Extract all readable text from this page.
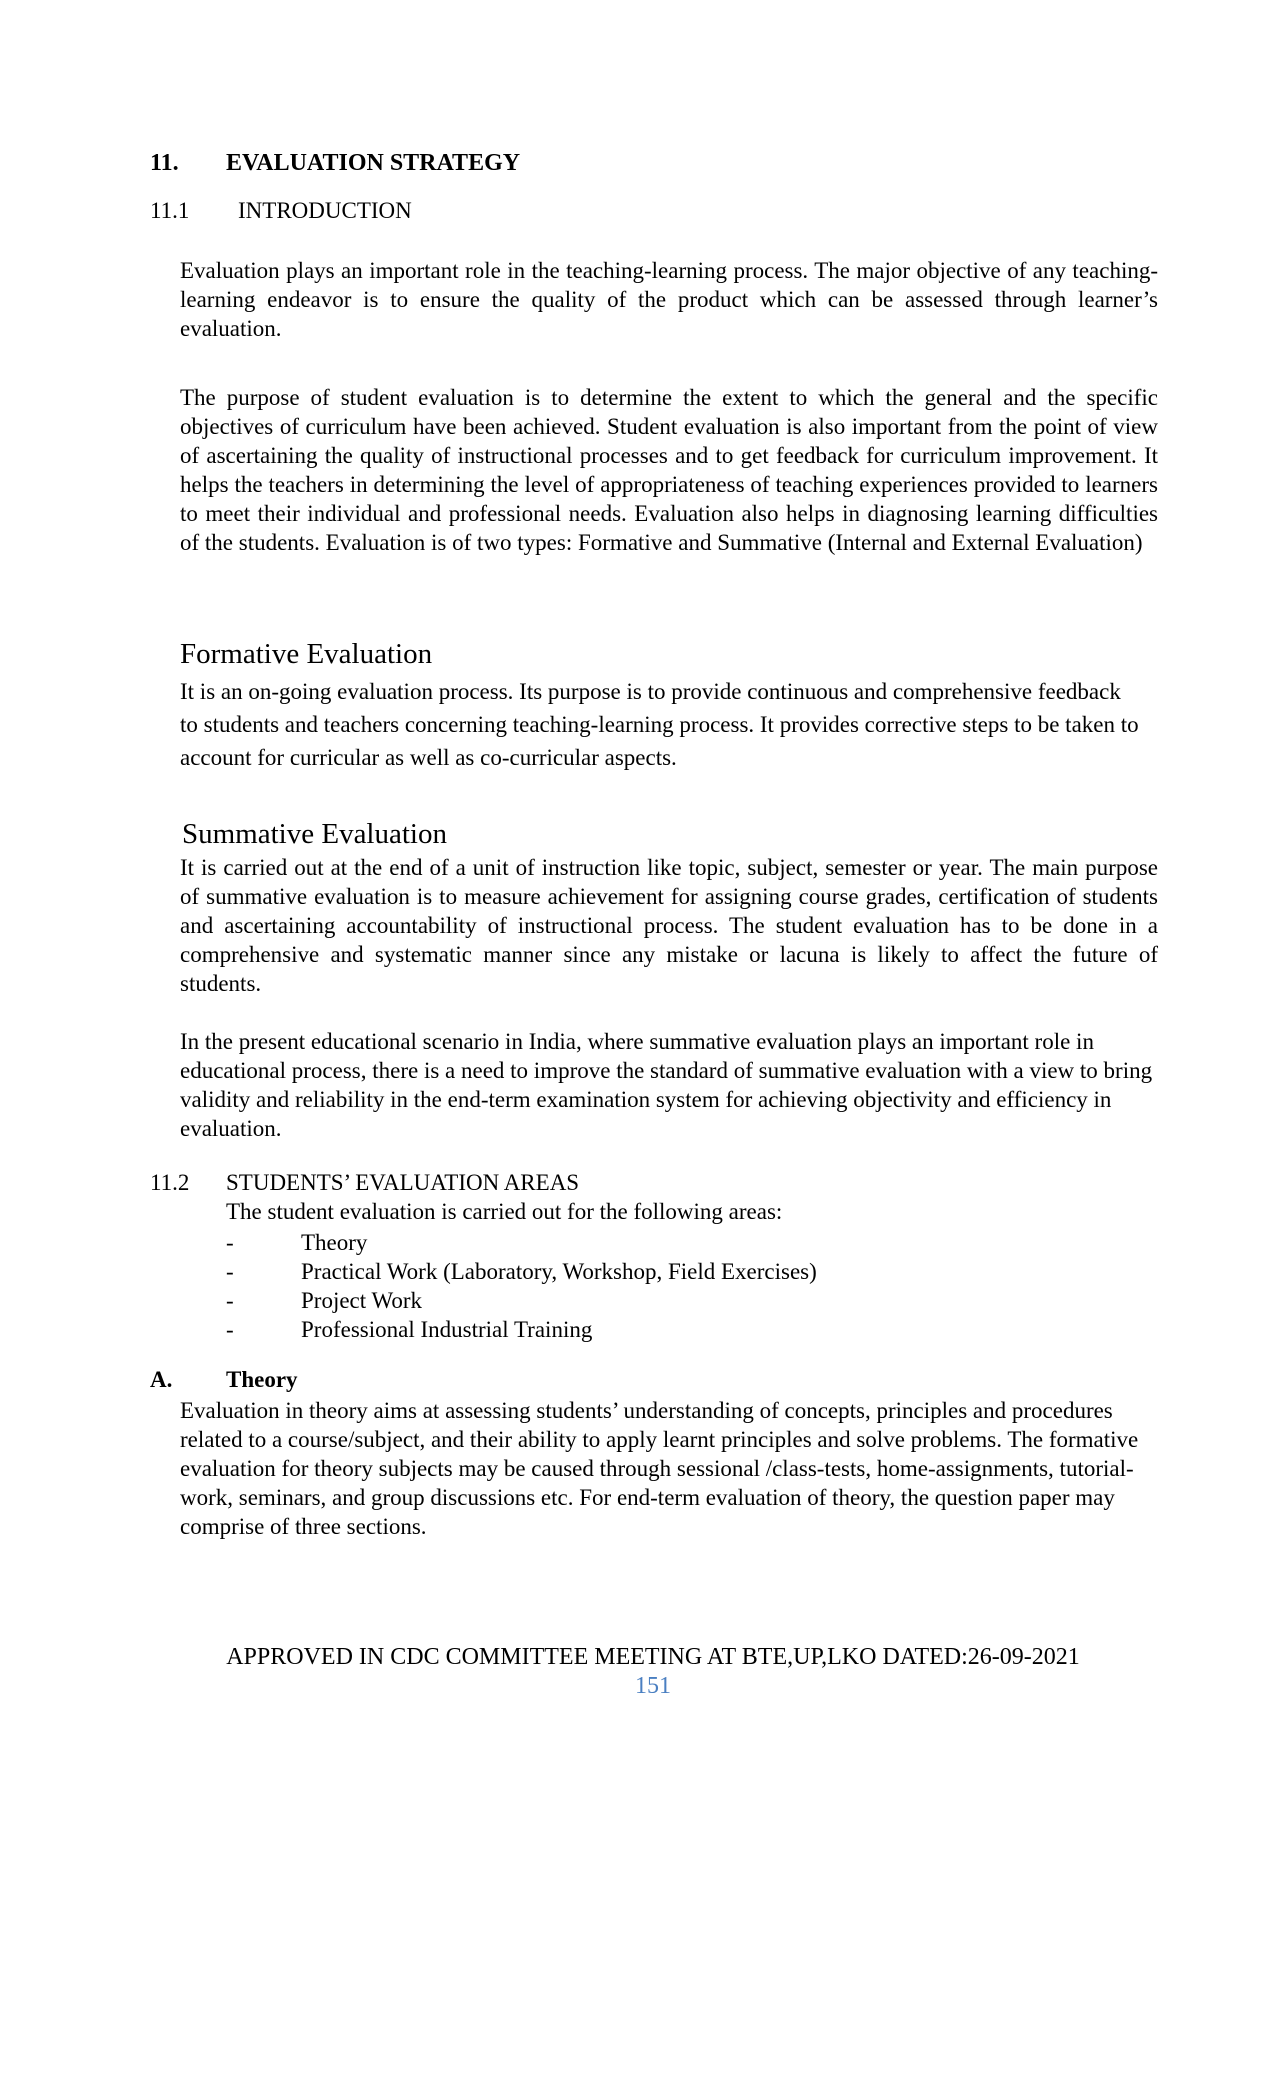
11. EVALUATION STRATEGY
11.1 INTRODUCTION

Evaluation plays an important role in the teaching-learning process. The major objective of any teaching-learning endeavor is to ensure the quality of the product which can be assessed through learner’s evaluation.

The purpose of student evaluation is to determine the extent to which the general and the specific objectives of curriculum have been achieved. Student evaluation is also important from the point of view of ascertaining the quality of instructional processes and to get feedback for curriculum improvement. It helps the teachers in determining the level of appropriateness of teaching experiences provided to learners to meet their individual and professional needs. Evaluation also helps in diagnosing learning difficulties of the students. Evaluation is of two types: Formative and Summative (Internal and External Evaluation)

Formative Evaluation

It is an on-going evaluation process. Its purpose is to provide continuous and comprehensive feedback to students and teachers concerning teaching-learning process. It provides corrective steps to be taken to account for curricular as well as co-curricular aspects.

Summative Evaluation

It is carried out at the end of a unit of instruction like topic, subject, semester or year. The main purpose of summative evaluation is to measure achievement for assigning course grades, certification of students and ascertaining accountability of instructional process. The student evaluation has to be done in a comprehensive and systematic manner since any mistake or lacuna is likely to affect the future of students.

In the present educational scenario in India, where summative evaluation plays an important role in educational process, there is a need to improve the standard of summative evaluation with a view to bring validity and reliability in the end-term examination system for achieving objectivity and efficiency in evaluation.

11.2 STUDENTS’ EVALUATION AREAS
The student evaluation is carried out for the following areas:
-	Theory
-	Practical Work (Laboratory, Workshop, Field Exercises)
-	Project Work
-	Professional Industrial Training
A. Theory

Evaluation in theory aims at assessing students’ understanding of concepts, principles and procedures related to a course/subject, and their ability to apply learnt principles and solve problems. The formative evaluation for theory subjects may be caused through sessional /class-tests, home-assignments, tutorial-work, seminars, and group discussions etc. For end-term evaluation of theory, the question paper may comprise of three sections.

APPROVED IN CDC COMMITTEE MEETING AT BTE,UP,LKO DATED:26-09-2021
151
